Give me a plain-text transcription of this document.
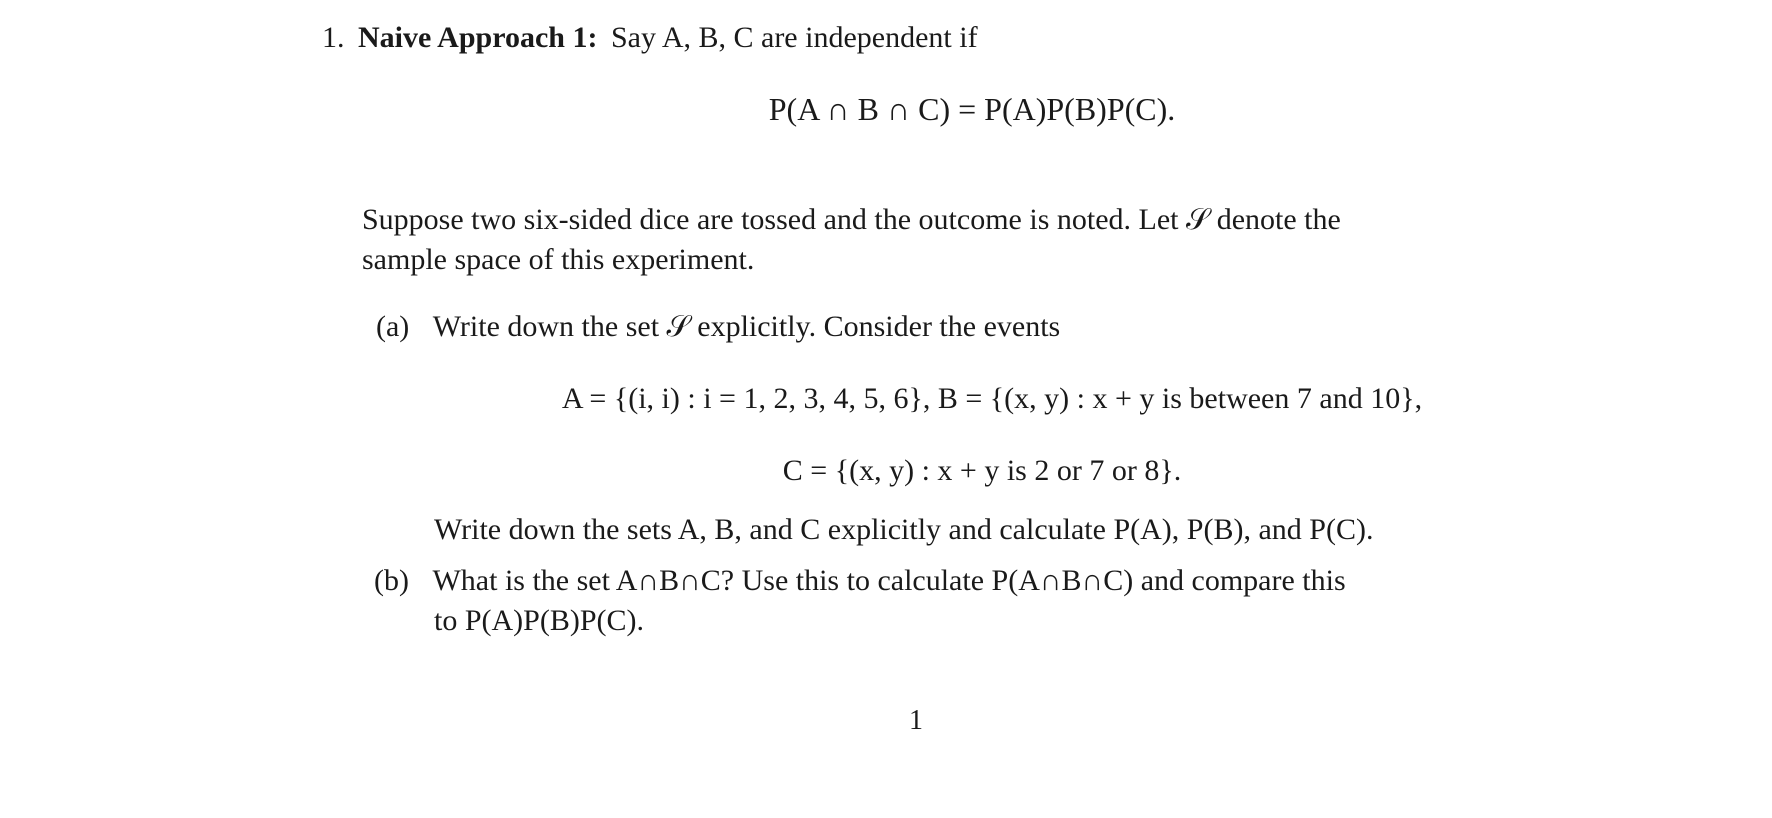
1. Naive Approach 1: Say A, B, C are independent if
P(A ∩ B ∩ C) = P(A)P(B)P(C).
Suppose two six-sided dice are tossed and the outcome is noted. Let 𝒮 denote the
sample space of this experiment.
(a) Write down the set 𝒮 explicitly. Consider the events
A = {(i, i) : i = 1, 2, 3, 4, 5, 6}, B = {(x, y) : x + y is between 7 and 10},
C = {(x, y) : x + y is 2 or 7 or 8}.
Write down the sets A, B, and C explicitly and calculate P(A), P(B), and P(C).
(b) What is the set A∩B∩C? Use this to calculate P(A∩B∩C) and compare this
to P(A)P(B)P(C).
1
